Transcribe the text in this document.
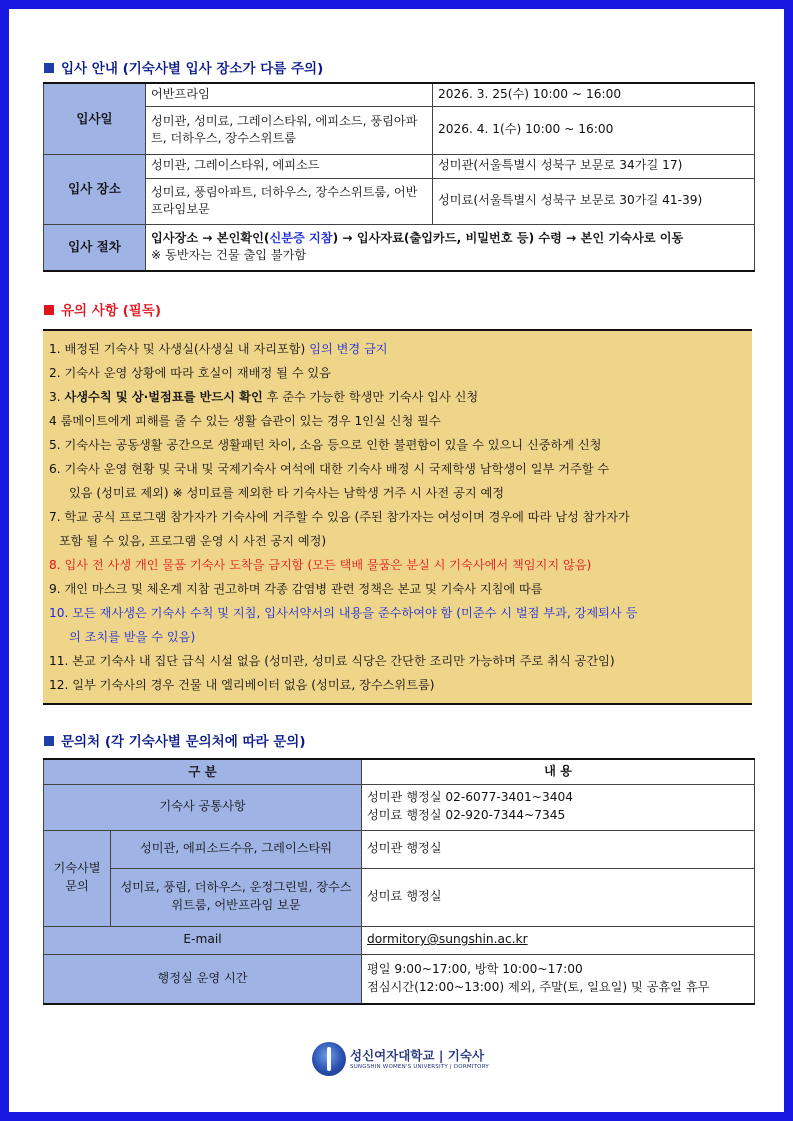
입사 안내 (기숙사별 입사 장소가 다름 주의)
입사일	어반프라임	2026. 3. 25(수) 10:00 ~ 16:00
	성미관, 성미료, 그레이스타워, 에피소드, 풍림아파트, 더하우스, 장수스위트룸	2026. 4. 1(수) 10:00 ~ 16:00
입사 장소	성미관, 그레이스타워, 에피소드	성미관(서울특별시 성북구 보문로 34가길 17)
	성미료, 풍림아파트, 더하우스, 장수스위트룸, 어반프라임보문	성미료(서울특별시 성북구 보문로 30가길 41-39)
입사 절차	입사장소 → 본인확인(신분증 지참) → 입사자료(출입카드, 비밀번호 등) 수령 → 본인 기숙사로 이동
※ 동반자는 건물 출입 불가함	
유의 사항 (필독)
1. 배정된 기숙사 및 사생실(사생실 내 자리포함) 임의 변경 금지
2. 기숙사 운영 상황에 따라 호실이 재배정 될 수 있음
3. 사생수칙 및 상·벌점표를 반드시 확인 후 준수 가능한 학생만 기숙사 입사 신청
4 룸메이트에게 피해를 줄 수 있는 생활 습관이 있는 경우 1인실 신청 필수
5. 기숙사는 공동생활 공간으로 생활패턴 차이, 소음 등으로 인한 불편함이 있을 수 있으니 신중하게 신청
6. 기숙사 운영 현황 및 국내 및 국제기숙사 여석에 대한 기숙사 배정 시 국제학생 남학생이 일부 거주할 수
있음 (성미료 제외) ※ 성미료를 제외한 타 기숙사는 남학생 거주 시 사전 공지 예정
7. 학교 공식 프로그램 참가자가 기숙사에 거주할 수 있음 (주된 참가자는 여성이며 경우에 따라 남성 참가자가
포함 될 수 있음, 프로그램 운영 시 사전 공지 예정)
8. 입사 전 사생 개인 물품 기숙사 도착을 금지함 (모든 택배 물품은 분실 시 기숙사에서 책임지지 않음)
9. 개인 마스크 및 체온계 지참 권고하며 각종 감염병 관련 정책은 본교 및 기숙사 지침에 따름
10. 모든 재사생은 기숙사 수칙 및 지침, 입사서약서의 내용을 준수하여야 함 (미준수 시 벌점 부과, 강제퇴사 등
의 조치를 받을 수 있음)
11. 본교 기숙사 내 집단 급식 시설 없음 (성미관, 성미료 식당은 간단한 조리만 가능하며 주로 취식 공간임)
12. 일부 기숙사의 경우 건물 내 엘리베이터 없음 (성미료, 장수스위트룸)
문의처 (각 기숙사별 문의처에 따라 문의)
구 분		내 용
기숙사 공통사항		성미관 행정실 02-6077-3401~3404
성미료 행정실 02-920-7344~7345

기숙사별
문의	성미관, 에피소드수유, 그레이스타워	성미관 행정실
	성미료, 풍림, 더하우스, 운정그린빌, 장수스위트룸, 어반프라임 보문	성미료 행정실
E-mail		dormitory@sungshin.ac.kr
행정실 운영 시간		평일 9:00~17:00, 방학 10:00~17:00
점심시간(12:00~13:00) 제외, 주말(토, 일요일) 및 공휴일 휴무
성신여자대학교 | 기숙사
SUNGSHIN WOMEN'S UNIVERSITY | DORMITORY
